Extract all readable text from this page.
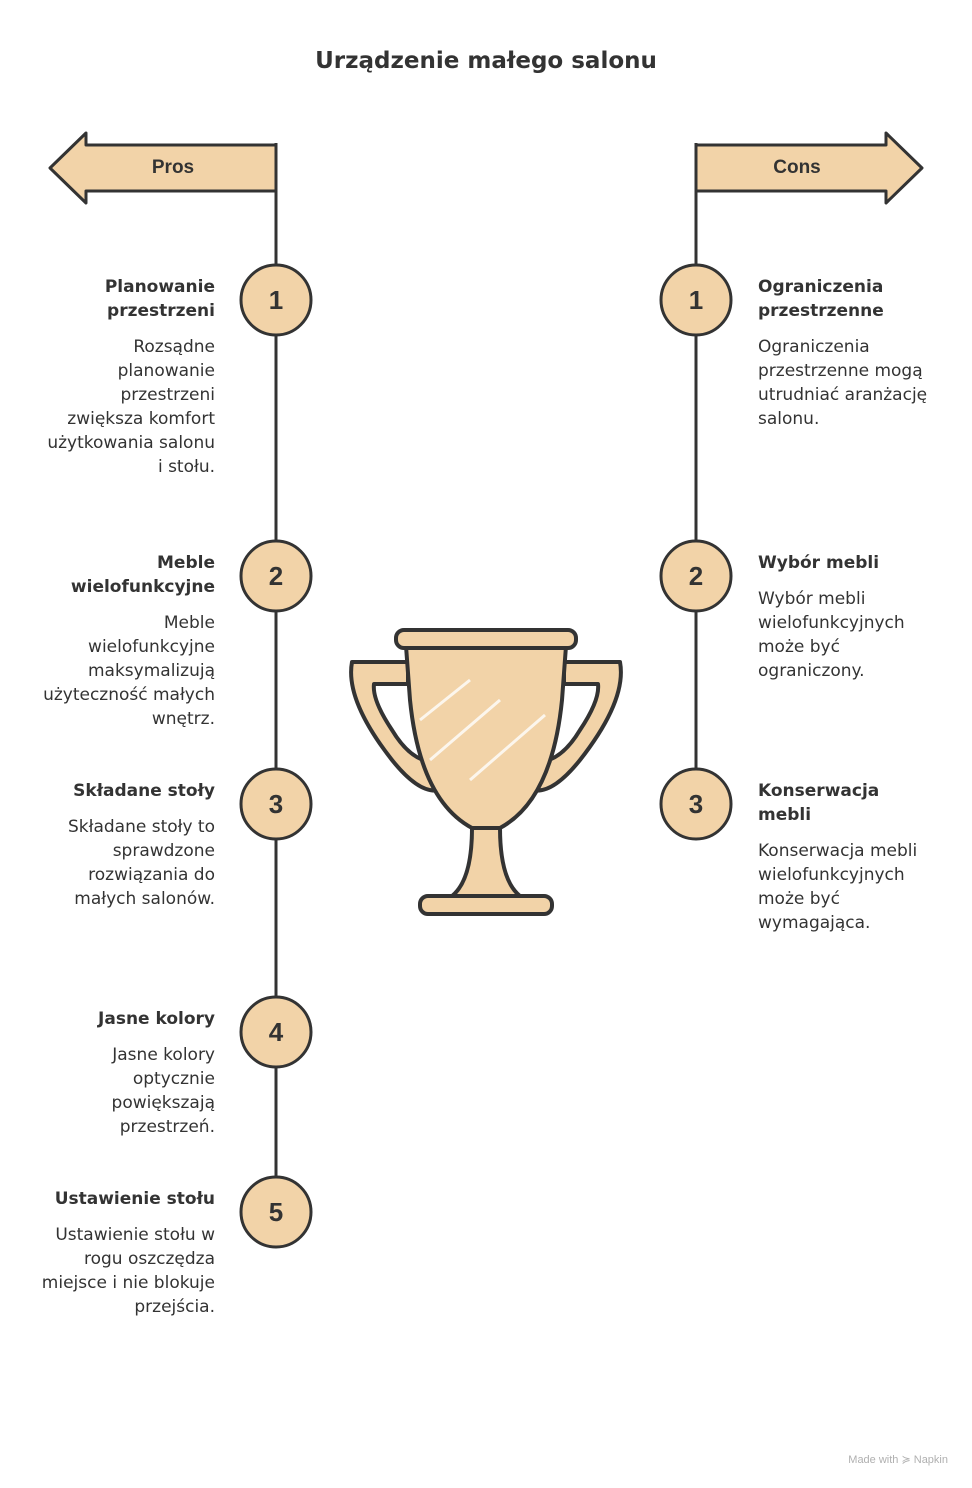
Urządzenie małego salonu
Pros	Cons
1
2
3
4
5
1
2
3
Planowanie przestrzeni
Rozsądne planowanie przestrzeni zwiększa komfort użytkowania salonu i stołu.
Meble wielofunkcyjne
Meble wielofunkcyjne maksymalizują użyteczność małych wnętrz.
Składane stoły
Składane stoły to sprawdzone rozwiązania do małych salonów.
Jasne kolory
Jasne kolory optycznie powiększają przestrzeń.
Ustawienie stołu
Ustawienie stołu w rogu oszczędza miejsce i nie blokuje przejścia.
Ograniczenia przestrzenne
Ograniczenia przestrzenne mogą utrudniać aranżację salonu.
Wybór mebli
Wybór mebli wielofunkcyjnych może być ograniczony.
Konserwacja mebli
Konserwacja mebli wielofunkcyjnych może być wymagająca.
Made with ≽ Napkin
